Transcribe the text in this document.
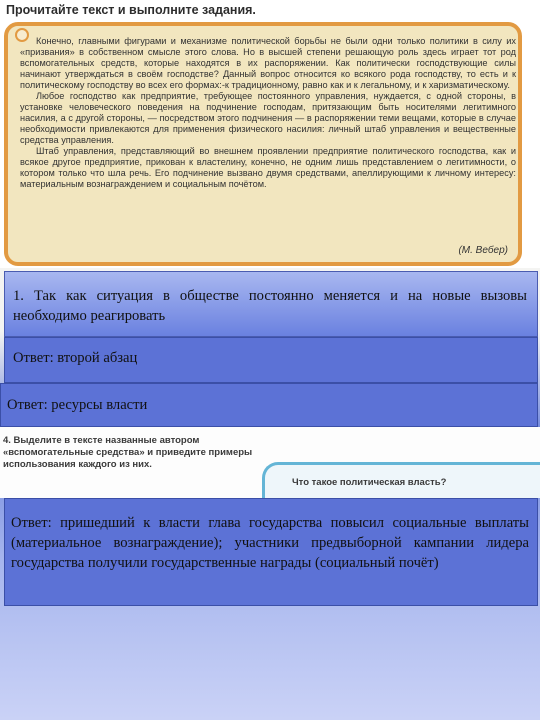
Прочитайте текст и выполните задания.

Конечно, главными фигурами и механизме политической борьбы не были одни только политики в силу их «призвания» в собственном смысле этого слова. Но в высшей степени решающую роль здесь играет тот род вспомогательных средств, которые находятся в их распоряжении. Как политически господствующие силы начинают утверждаться в своём господстве? Данный вопрос относится ко всякого рода господству, то есть и к политическому господству во всех его формах:-к традиционному, равно как и к легальному, и к харизматическому.

Любое господство как предприятие, требующее постоянного управления, нуждается, с одной стороны, в установке человеческого поведения на подчинение господам, притязающим быть носителями легитимного насилия, а с другой стороны, — посредством этого подчинения — в распоряжении теми вещами, которые в случае необходимости привлекаются для применения физического насилия: личный штаб управления и вещественные средства управления.

Штаб управления, представляющий во внешнем проявлении предприятие политического господства, как и всякое другое предприятие, прикован к властелину, конечно, не одним лишь представлением о легитимности, о котором только что шла речь. Его подчинение вызвано двумя средствами, апеллирующими к личному интересу: материальным вознаграждением и социальным почётом.

(М. Вебер)
1. Так как ситуация в обществе постоянно меняется и на новые вызовы необходимо реагировать
Ответ: второй абзац
Ответ: ресурсы власти
4. Выделите в тексте названные автором «вспомогательные средства» и приведите примеры использования каждого из них.
Что такое политическая власть?
Ответ: пришедший к власти глава государства повысил социальные выплаты (материальное вознаграждение); участники предвыборной кампании лидера государства получили государственные награды (социальный почёт)
